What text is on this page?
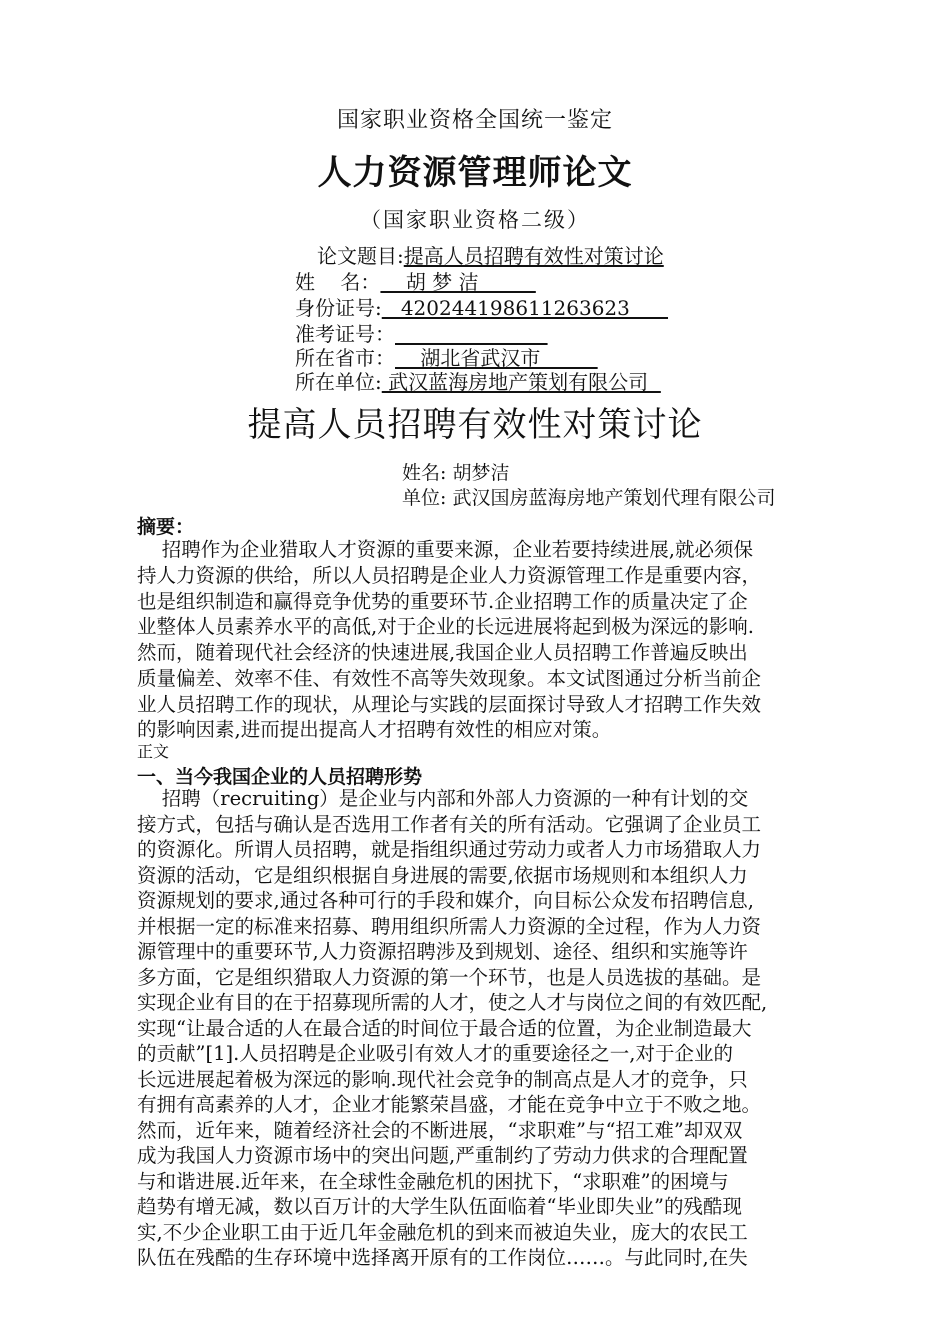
国家职业资格全国统一鉴定
人力资源管理师论文
（国家职业资格二级）
论文题目:提高人员招聘有效性对策讨论
姓    名：    胡 梦 洁
身份证号:   420244198611263623
准考证号：
所在省市：    湖北省武汉市
所在单位: 武汉蓝海房地产策划有限公司
提高人员招聘有效性对策讨论
姓名: 胡梦洁
单位: 武汉国房蓝海房地产策划代理有限公司
摘要：
招聘作为企业猎取人才资源的重要来源，企业若要持续进展,就必须保
持人力资源的供给，所以人员招聘是企业人力资源管理工作是重要内容，
也是组织制造和赢得竞争优势的重要环节.企业招聘工作的质量决定了企
业整体人员素养水平的高低,对于企业的长远进展将起到极为深远的影响.
然而，随着现代社会经济的快速进展,我国企业人员招聘工作普遍反映出
质量偏差、效率不佳、有效性不高等失效现象。本文试图通过分析当前企
业人员招聘工作的现状，从理论与实践的层面探讨导致人才招聘工作失效
的影响因素,进而提出提高人才招聘有效性的相应对策。
正文
一、当今我国企业的人员招聘形势
招聘（recruiting）是企业与内部和外部人力资源的一种有计划的交
接方式，包括与确认是否选用工作者有关的所有活动。它强调了企业员工
的资源化。所谓人员招聘，就是指组织通过劳动力或者人力市场猎取人力
资源的活动，它是组织根据自身进展的需要,依据市场规则和本组织人力
资源规划的要求,通过各种可行的手段和媒介，向目标公众发布招聘信息,
并根据一定的标准来招募、聘用组织所需人力资源的全过程，作为人力资
源管理中的重要环节,人力资源招聘涉及到规划、途径、组织和实施等许
多方面，它是组织猎取人力资源的第一个环节，也是人员选拔的基础。是
实现企业有目的在于招募现所需的人才，使之人才与岗位之间的有效匹配,
实现“让最合适的人在最合适的时间位于最合适的位置，为企业制造最大
的贡献”[1].人员招聘是企业吸引有效人才的重要途径之一,对于企业的
长远进展起着极为深远的影响.现代社会竞争的制高点是人才的竞争，只
有拥有高素养的人才，企业才能繁荣昌盛，才能在竞争中立于不败之地。
然而，近年来，随着经济社会的不断进展，“求职难”与“招工难”却双双
成为我国人力资源市场中的突出问题,严重制约了劳动力供求的合理配置
与和谐进展.近年来，在全球性金融危机的困扰下，“求职难”的困境与
趋势有增无减，数以百万计的大学生队伍面临着“毕业即失业”的残酷现
实,不少企业职工由于近几年金融危机的到来而被迫失业，庞大的农民工
队伍在残酷的生存环境中选择离开原有的工作岗位……。与此同时,在失
